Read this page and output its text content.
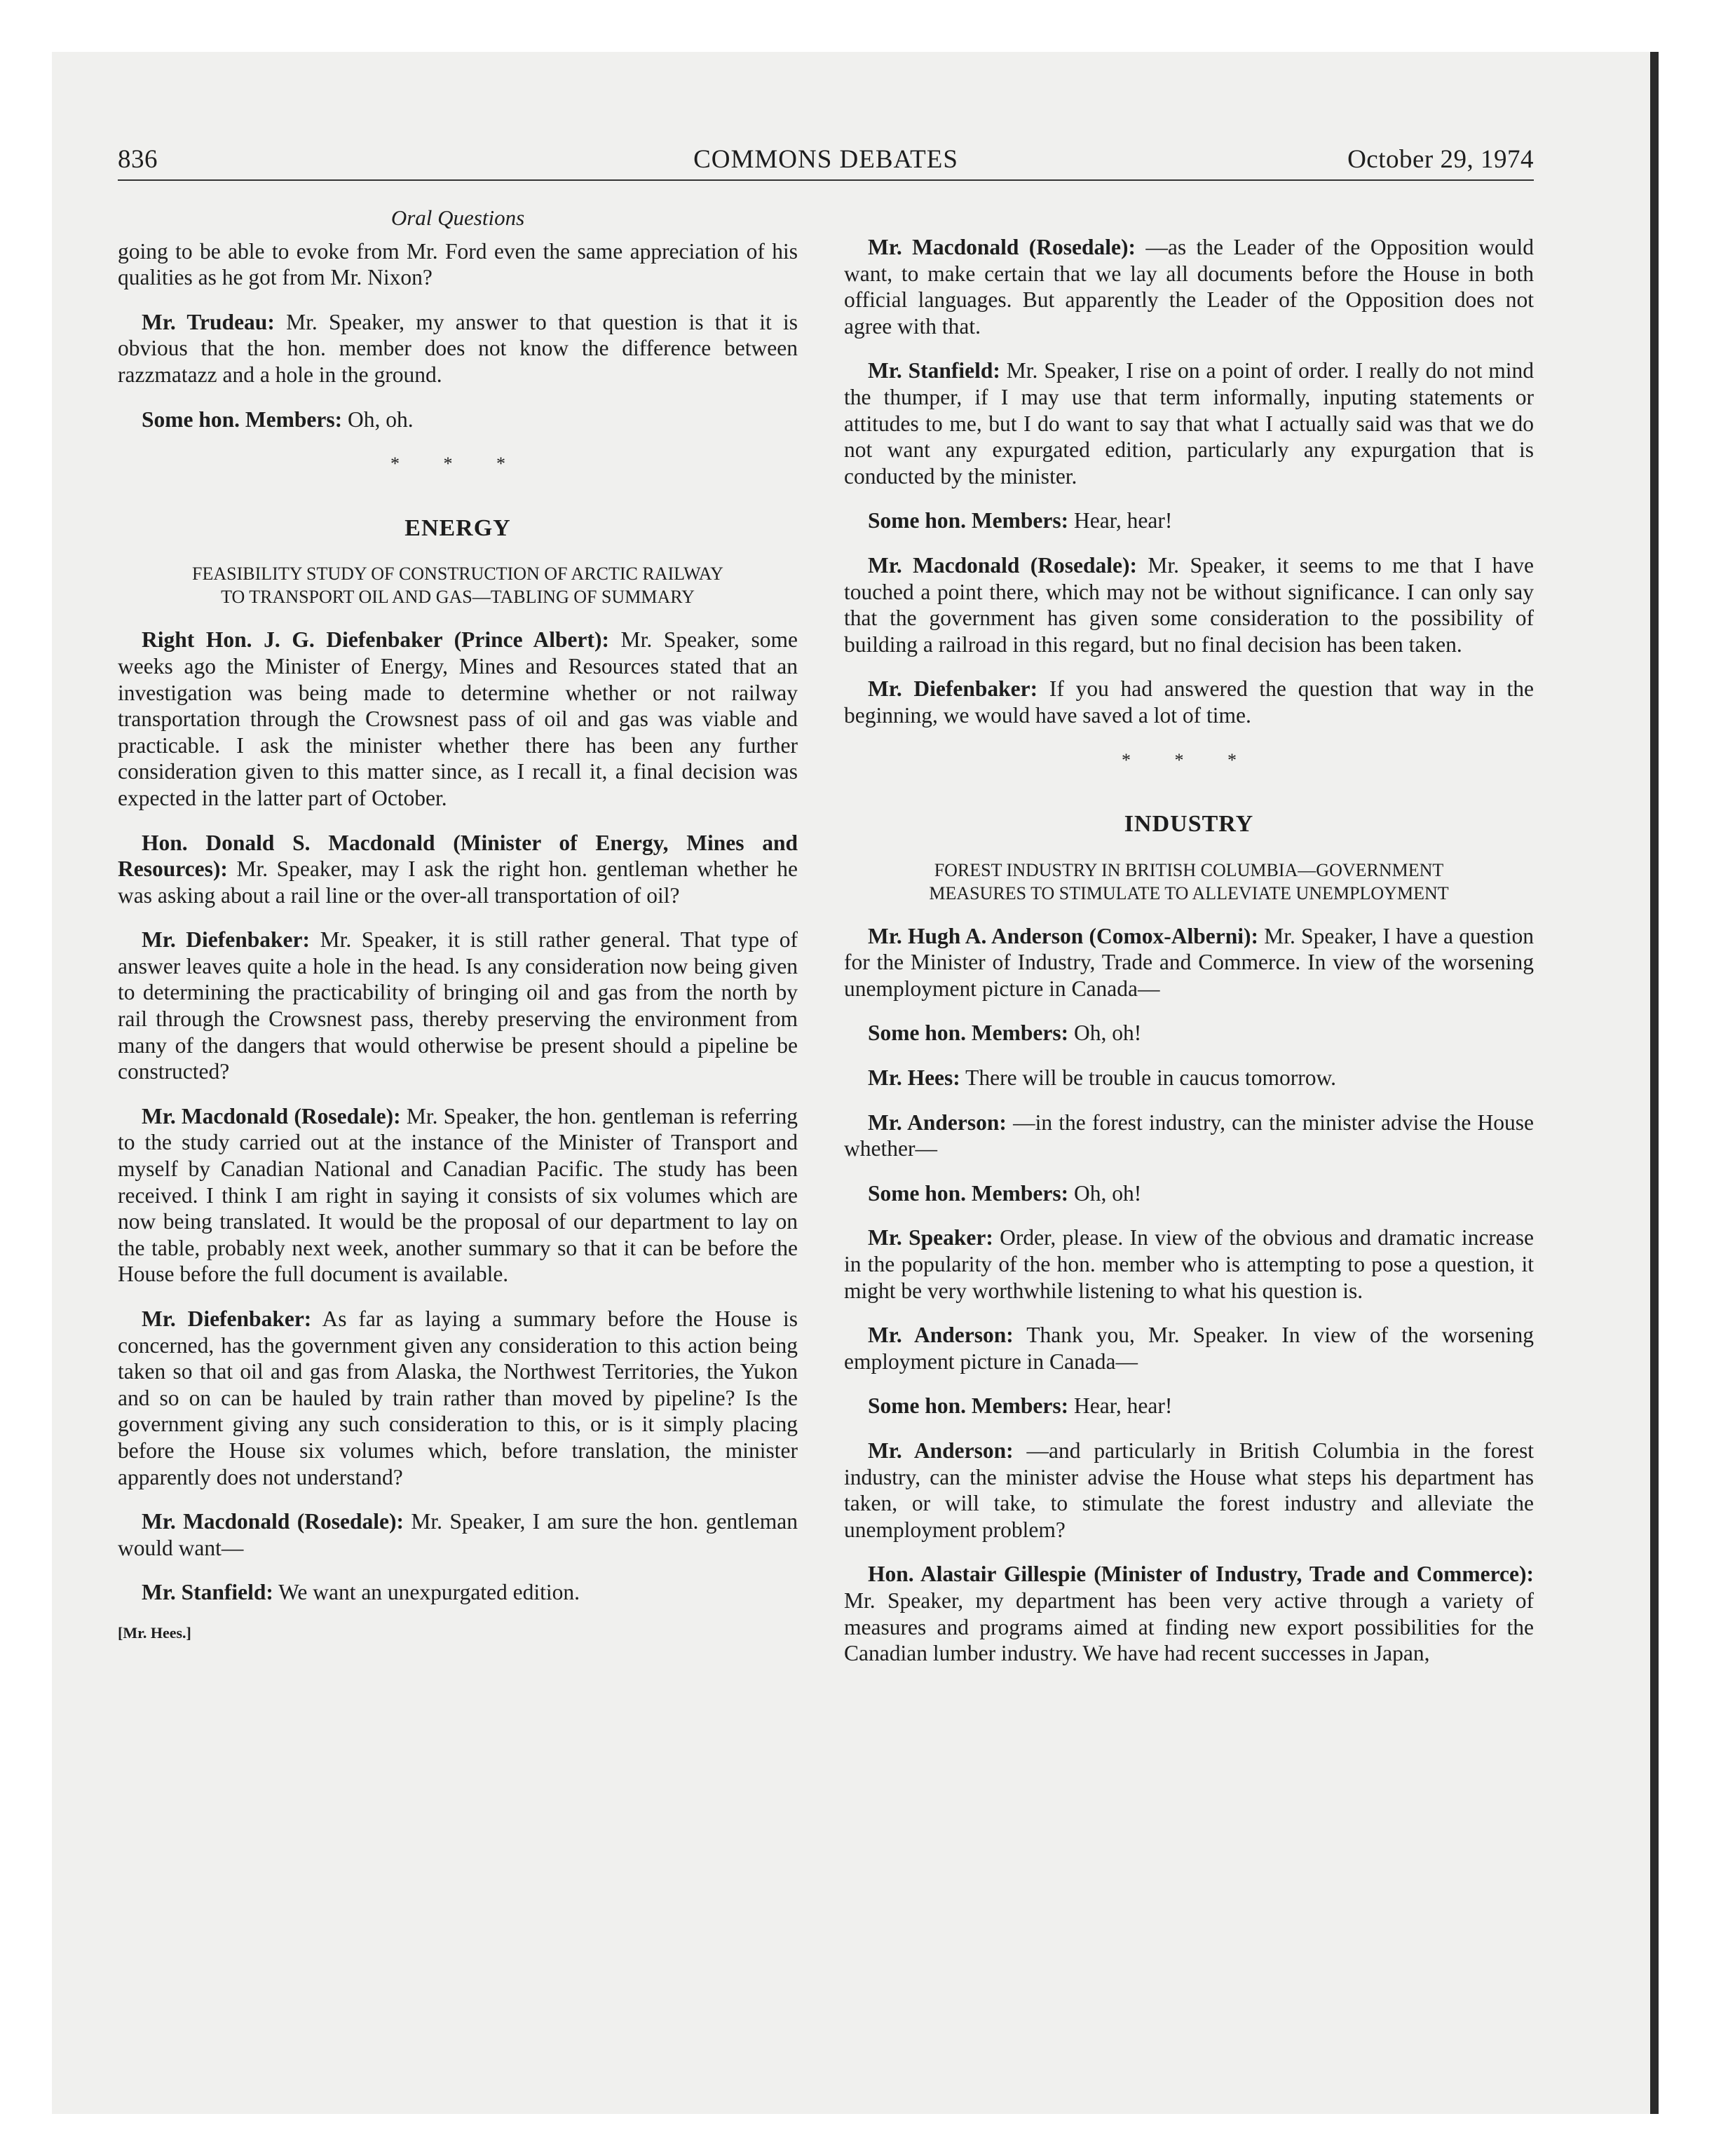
836	COMMONS DEBATES	October 29, 1974
Oral Questions

going to be able to evoke from Mr. Ford even the same appreciation of his qualities as he got from Mr. Nixon?

Mr. Trudeau: Mr. Speaker, my answer to that question is that it is obvious that the hon. member does not know the difference between razzmatazz and a hole in the ground.

Some hon. Members: Oh, oh.

* * *
ENERGY
FEASIBILITY STUDY OF CONSTRUCTION OF ARCTIC RAILWAY
TO TRANSPORT OIL AND GAS—TABLING OF SUMMARY

Right Hon. J. G. Diefenbaker (Prince Albert): Mr. Speaker, some weeks ago the Minister of Energy, Mines and Resources stated that an investigation was being made to determine whether or not railway transportation through the Crowsnest pass of oil and gas was viable and practicable. I ask the minister whether there has been any further consideration given to this matter since, as I recall it, a final decision was expected in the latter part of October.

Hon. Donald S. Macdonald (Minister of Energy, Mines and Resources): Mr. Speaker, may I ask the right hon. gentleman whether he was asking about a rail line or the over-all transportation of oil?

Mr. Diefenbaker: Mr. Speaker, it is still rather general. That type of answer leaves quite a hole in the head. Is any consideration now being given to determining the practicability of bringing oil and gas from the north by rail through the Crowsnest pass, thereby preserving the environment from many of the dangers that would otherwise be present should a pipeline be constructed?

Mr. Macdonald (Rosedale): Mr. Speaker, the hon. gentleman is referring to the study carried out at the instance of the Minister of Transport and myself by Canadian National and Canadian Pacific. The study has been received. I think I am right in saying it consists of six volumes which are now being translated. It would be the proposal of our department to lay on the table, probably next week, another summary so that it can be before the House before the full document is available.

Mr. Diefenbaker: As far as laying a summary before the House is concerned, has the government given any consideration to this action being taken so that oil and gas from Alaska, the Northwest Territories, the Yukon and so on can be hauled by train rather than moved by pipeline? Is the government giving any such consideration to this, or is it simply placing before the House six volumes which, before translation, the minister apparently does not understand?

Mr. Macdonald (Rosedale): Mr. Speaker, I am sure the hon. gentleman would want—

Mr. Stanfield: We want an unexpurgated edition.

[Mr. Hees.]

Mr. Macdonald (Rosedale): —as the Leader of the Opposition would want, to make certain that we lay all documents before the House in both official languages. But apparently the Leader of the Opposition does not agree with that.

Mr. Stanfield: Mr. Speaker, I rise on a point of order. I really do not mind the thumper, if I may use that term informally, inputing statements or attitudes to me, but I do want to say that what I actually said was that we do not want any expurgated edition, particularly any expurgation that is conducted by the minister.

Some hon. Members: Hear, hear!

Mr. Macdonald (Rosedale): Mr. Speaker, it seems to me that I have touched a point there, which may not be without significance. I can only say that the government has given some consideration to the possibility of building a railroad in this regard, but no final decision has been taken.

Mr. Diefenbaker: If you had answered the question that way in the beginning, we would have saved a lot of time.

* * *
INDUSTRY
FOREST INDUSTRY IN BRITISH COLUMBIA—GOVERNMENT
MEASURES TO STIMULATE TO ALLEVIATE UNEMPLOYMENT

Mr. Hugh A. Anderson (Comox-Alberni): Mr. Speaker, I have a question for the Minister of Industry, Trade and Commerce. In view of the worsening unemployment picture in Canada—

Some hon. Members: Oh, oh!

Mr. Hees: There will be trouble in caucus tomorrow.

Mr. Anderson: —in the forest industry, can the minister advise the House whether—

Some hon. Members: Oh, oh!

Mr. Speaker: Order, please. In view of the obvious and dramatic increase in the popularity of the hon. member who is attempting to pose a question, it might be very worthwhile listening to what his question is.

Mr. Anderson: Thank you, Mr. Speaker. In view of the worsening employment picture in Canada—

Some hon. Members: Hear, hear!

Mr. Anderson: —and particularly in British Columbia in the forest industry, can the minister advise the House what steps his department has taken, or will take, to stimulate the forest industry and alleviate the unemployment problem?

Hon. Alastair Gillespie (Minister of Industry, Trade and Commerce): Mr. Speaker, my department has been very active through a variety of measures and programs aimed at finding new export possibilities for the Canadian lumber industry. We have had recent successes in Japan,
